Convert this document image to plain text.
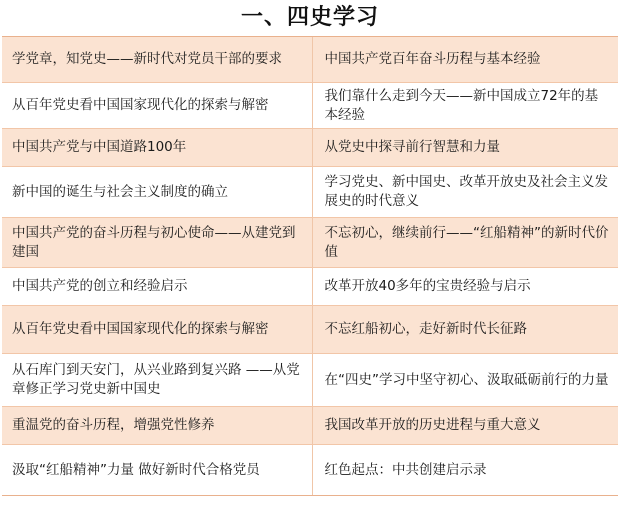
一、四史学习
学党章，知党史——新时代对党员干部的要求	中国共产党百年奋斗历程与基本经验
从百年党史看中国国家现代化的探索与解密	我们靠什么走到今天——新中国成立72年的基本经验
中国共产党与中国道路100年	从党史中探寻前行智慧和力量
新中国的诞生与社会主义制度的确立	学习党史、新中国史、改革开放史及社会主义发展史的时代意义
中国共产党的奋斗历程与初心使命——从建党到建国	不忘初心，继续前行——“红船精神”的新时代价值
中国共产党的创立和经验启示	改革开放40多年的宝贵经验与启示
从百年党史看中国国家现代化的探索与解密	不忘红船初心，走好新时代长征路
从石库门到天安门，从兴业路到复兴路 ——从党章修正学习党史新中国史	在“四史”学习中坚守初心、汲取砥砺前行的力量
重温党的奋斗历程，增强党性修养	我国改革开放的历史进程与重大意义
汲取“红船精神”力量 做好新时代合格党员	红色起点：中共创建启示录
